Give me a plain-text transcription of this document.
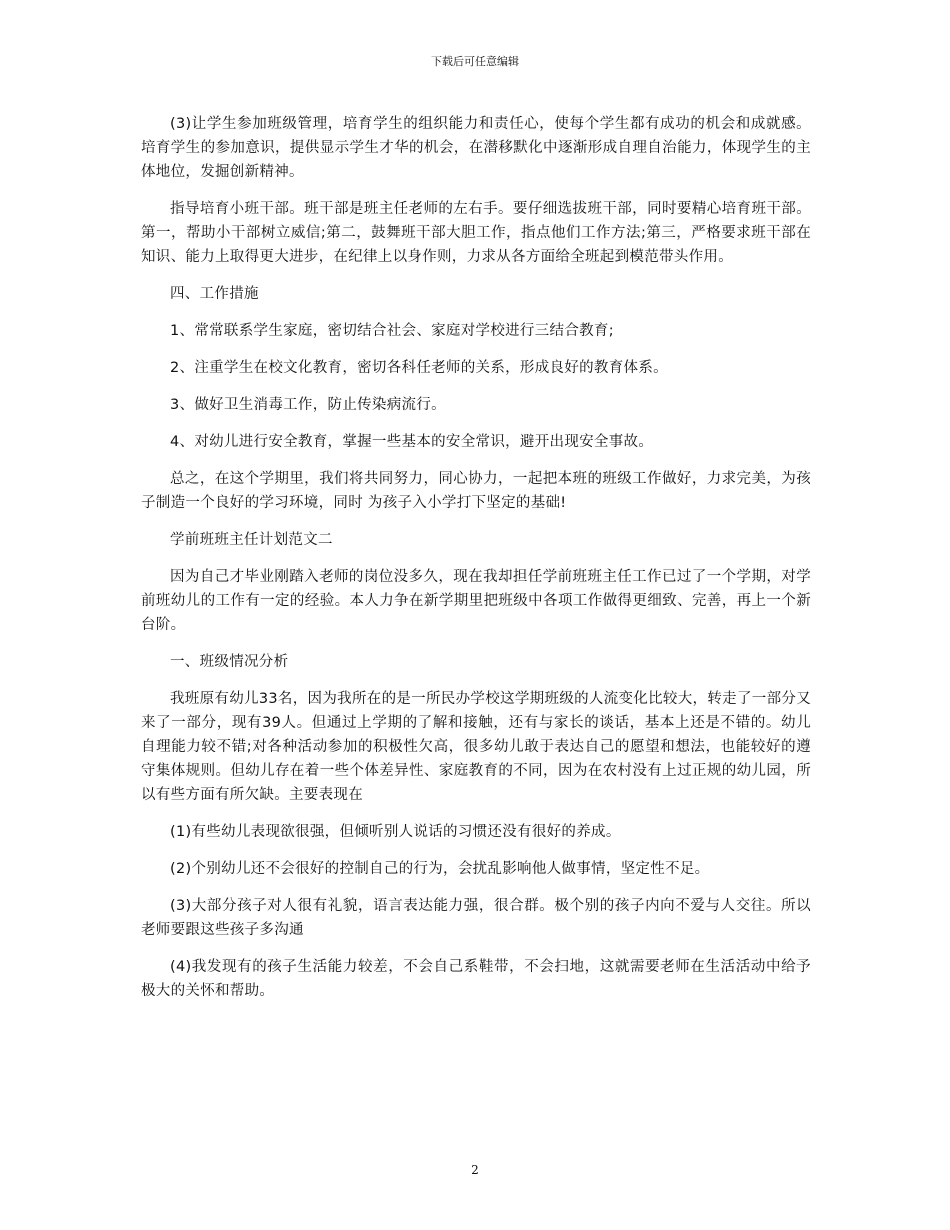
下载后可任意编辑

(3)让学生参加班级管理，培育学生的组织能力和责任心，使每个学生都有成功的机会和成就感。培育学生的参加意识，提供显示学生才华的机会，在潜移默化中逐渐形成自理自治能力，体现学生的主体地位，发掘创新精神。

指导培育小班干部。班干部是班主任老师的左右手。要仔细选拔班干部，同时要精心培育班干部。第一，帮助小干部树立威信;第二，鼓舞班干部大胆工作，指点他们工作方法;第三，严格要求班干部在知识、能力上取得更大进步，在纪律上以身作则，力求从各方面给全班起到模范带头作用。

四、工作措施

1、常常联系学生家庭，密切结合社会、家庭对学校进行三结合教育;

2、注重学生在校文化教育，密切各科任老师的关系，形成良好的教育体系。

3、做好卫生消毒工作，防止传染病流行。

4、对幼儿进行安全教育，掌握一些基本的安全常识，避开出现安全事故。

总之，在这个学期里，我们将共同努力，同心协力，一起把本班的班级工作做好，力求完美，为孩子制造一个良好的学习环境，同时 为孩子入小学打下坚定的基础!

学前班班主任计划范文二

因为自己才毕业刚踏入老师的岗位没多久，现在我却担任学前班班主任工作已过了一个学期，对学前班幼儿的工作有一定的经验。本人力争在新学期里把班级中各项工作做得更细致、完善，再上一个新台阶。

一、班级情况分析

我班原有幼儿33名，因为我所在的是一所民办学校这学期班级的人流变化比较大，转走了一部分又来了一部分，现有39人。但通过上学期的了解和接触，还有与家长的谈话，基本上还是不错的。幼儿自理能力较不错;对各种活动参加的积极性欠高，很多幼儿敢于表达自己的愿望和想法，也能较好的遵守集体规则。但幼儿存在着一些个体差异性、家庭教育的不同，因为在农村没有上过正规的幼儿园，所以有些方面有所欠缺。主要表现在

(1)有些幼儿表现欲很强，但倾听别人说话的习惯还没有很好的养成。

(2)个别幼儿还不会很好的控制自己的行为，会扰乱影响他人做事情，坚定性不足。

(3)大部分孩子对人很有礼貌，语言表达能力强，很合群。极个别的孩子内向不爱与人交往。所以老师要跟这些孩子多沟通

(4)我发现有的孩子生活能力较差，不会自己系鞋带，不会扫地，这就需要老师在生活活动中给予极大的关怀和帮助。

2
